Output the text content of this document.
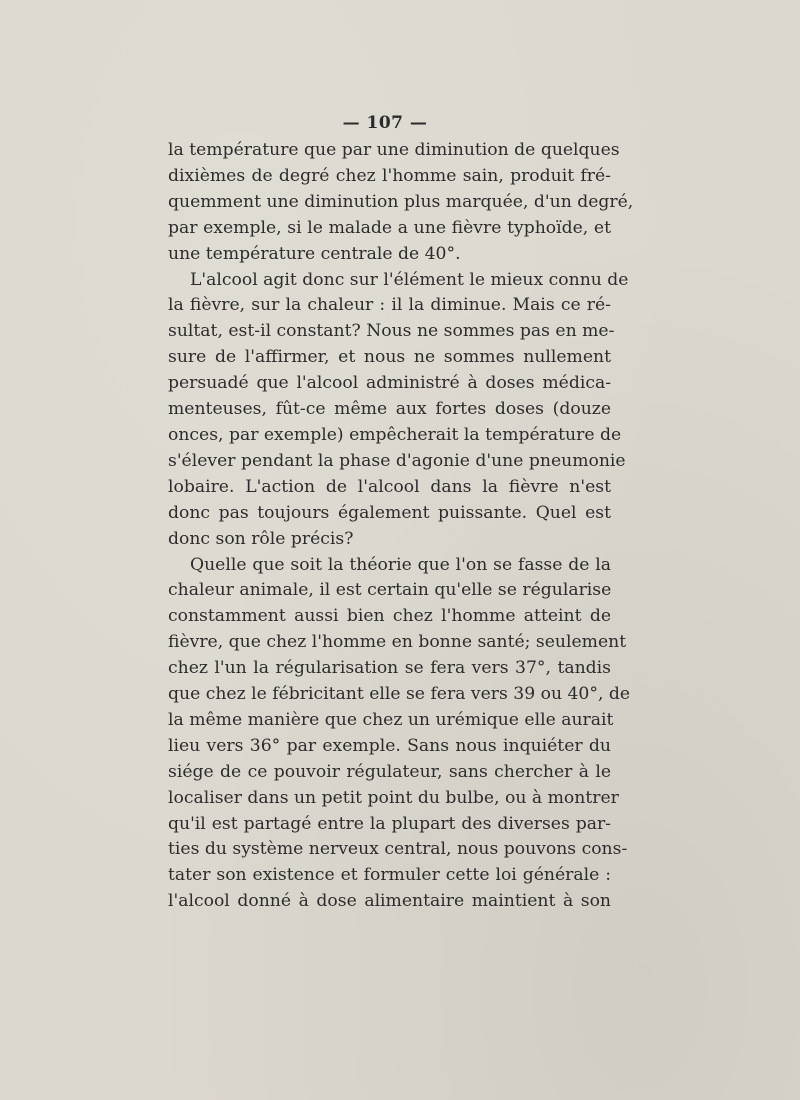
— 107 —
la température que par une diminution de quelques
dixièmes de degré chez l'homme sain, produit fré-
quemment une diminution plus marquée, d'un degré,
par exemple, si le malade a une fièvre typhoïde, et
une température centrale de 40°.
L'alcool agit donc sur l'élément le mieux connu de
la fièvre, sur la chaleur : il la diminue. Mais ce ré-
sultat, est-il constant? Nous ne sommes pas en me-
sure de l'affirmer, et nous ne sommes nullement
persuadé que l'alcool administré à doses médica-
menteuses, fût-ce même aux fortes doses (douze
onces, par exemple) empêcherait la température de
s'élever pendant la phase d'agonie d'une pneumonie
lobaire. L'action de l'alcool dans la fièvre n'est
donc pas toujours également puissante. Quel est
donc son rôle précis?
Quelle que soit la théorie que l'on se fasse de la
chaleur animale, il est certain qu'elle se régularise
constamment aussi bien chez l'homme atteint de
fièvre, que chez l'homme en bonne santé; seulement
chez l'un la régularisation se fera vers 37°, tandis
que chez le fébricitant elle se fera vers 39 ou 40°, de
la même manière que chez un urémique elle aurait
lieu vers 36° par exemple. Sans nous inquiéter du
siége de ce pouvoir régulateur, sans chercher à le
localiser dans un petit point du bulbe, ou à montrer
qu'il est partagé entre la plupart des diverses par-
ties du système nerveux central, nous pouvons cons-
tater son existence et formuler cette loi générale :
l'alcool donné à dose alimentaire maintient à son
